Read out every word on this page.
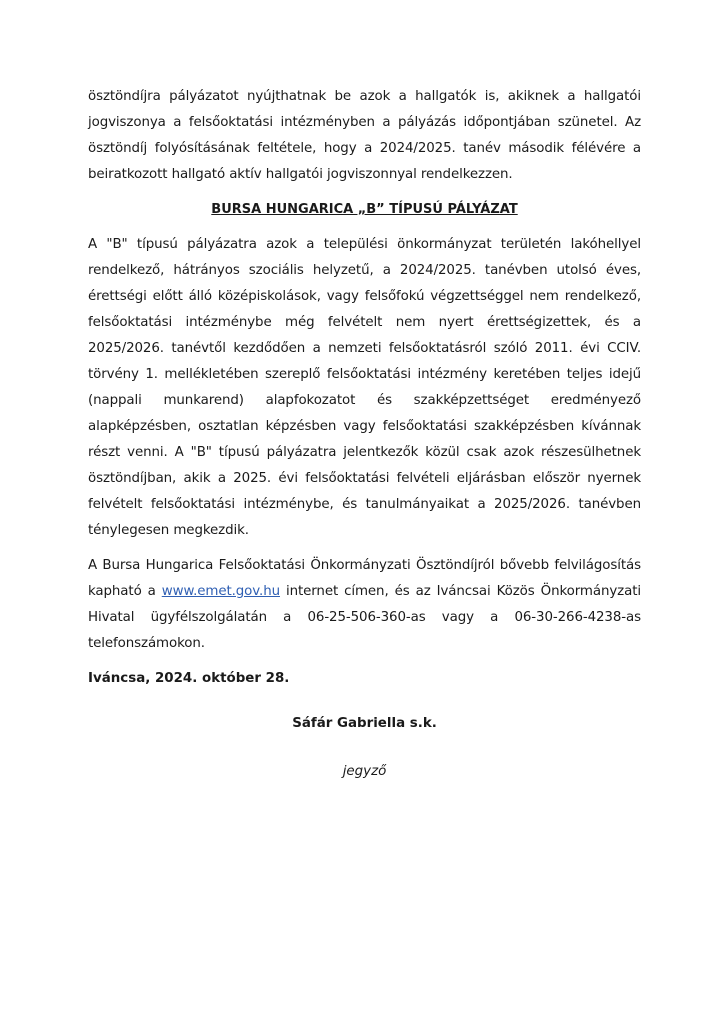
ösztöndíjra pályázatot nyújthatnak be azok a hallgatók is, akiknek a hallgatói jogviszonya a felsőoktatási intézményben a pályázás időpontjában szünetel. Az ösztöndíj folyósításának feltétele, hogy a 2024/2025. tanév második félévére a beiratkozott hallgató aktív hallgatói jogviszonnyal rendelkezzen.

BURSA HUNGARICA „B” TÍPUSÚ PÁLYÁZAT

A "B" típusú pályázatra azok a települési önkormányzat területén lakóhellyel rendelkező, hátrányos szociális helyzetű, a 2024/2025. tanévben utolsó éves, érettségi előtt álló középiskolások, vagy felsőfokú végzettséggel nem rendelkező, felsőoktatási intézménybe még felvételt nem nyert érettségizettek, és a 2025/2026. tanévtől kezdődően a nemzeti felsőoktatásról szóló 2011. évi CCIV. törvény 1. mellékletében szereplő felsőoktatási intézmény keretében teljes idejű (nappali munkarend) alapfokozatot és szakképzettséget eredményező alapképzésben, osztatlan képzésben vagy felsőoktatási szakképzésben kívánnak részt venni. A "B" típusú pályázatra jelentkezők közül csak azok részesülhetnek ösztöndíjban, akik a 2025. évi felsőoktatási felvételi eljárásban először nyernek felvételt felsőoktatási intézménybe, és tanulmányaikat a 2025/2026. tanévben ténylegesen megkezdik.

A Bursa Hungarica Felsőoktatási Önkormányzati Ösztöndíjról bővebb felvilágosítás kapható a www.emet.gov.hu internet címen, és az Iváncsai Közös Önkormányzati Hivatal ügyfélszolgálatán a 06-25-506-360-as vagy a 06-30-266-4238-as telefonszámokon.

Iváncsa, 2024. október 28.

Sáfár Gabriella s.k.

jegyző
